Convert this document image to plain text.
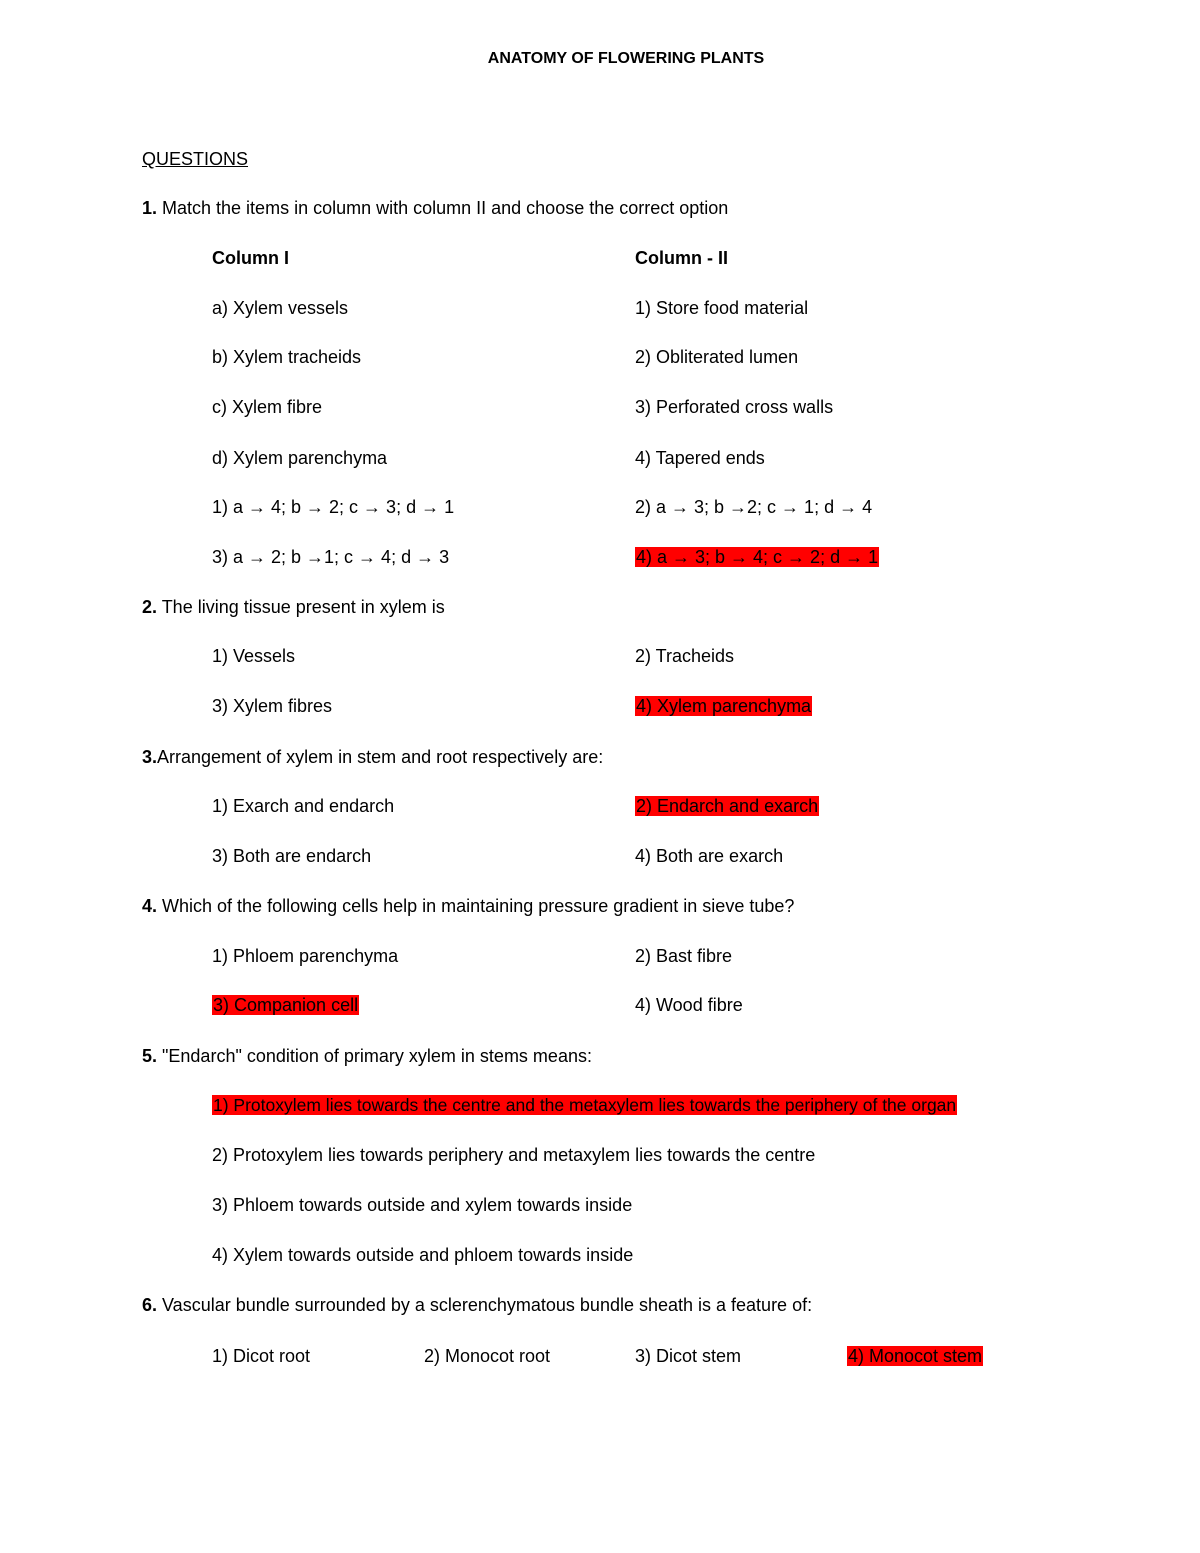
ANATOMY OF FLOWERING PLANTS
QUESTIONS
1. Match the items in column with column II and choose the correct option
Column I	Column - II
a) Xylem vessels	1) Store food material
b) Xylem tracheids	2) Obliterated lumen
c) Xylem fibre	3) Perforated cross walls
d) Xylem parenchyma	4) Tapered ends
1) a → 4; b → 2; c → 3; d → 1	2) a → 3; b →2; c → 1; d → 4
3) a → 2; b →1; c → 4; d → 3	4) a → 3; b → 4; c → 2; d → 1
2. The living tissue present in xylem is
1) Vessels	2) Tracheids
3) Xylem fibres	4) Xylem parenchyma
3.Arrangement of xylem in stem and root respectively are:
1) Exarch and endarch	2) Endarch and exarch
3) Both are endarch	4) Both are exarch
4. Which of the following cells help in maintaining pressure gradient in sieve tube?
1) Phloem parenchyma	2) Bast fibre
3) Companion cell	4) Wood fibre
5. "Endarch" condition of primary xylem in stems means:
1) Protoxylem lies towards the centre and the metaxylem lies towards the periphery of the organ
2) Protoxylem lies towards periphery and metaxylem lies towards the centre
3) Phloem towards outside and xylem towards inside
4) Xylem towards outside and phloem towards inside
6. Vascular bundle surrounded by a sclerenchymatous bundle sheath is a feature of:
1) Dicot root	2) Monocot root	3) Dicot stem	4) Monocot stem
